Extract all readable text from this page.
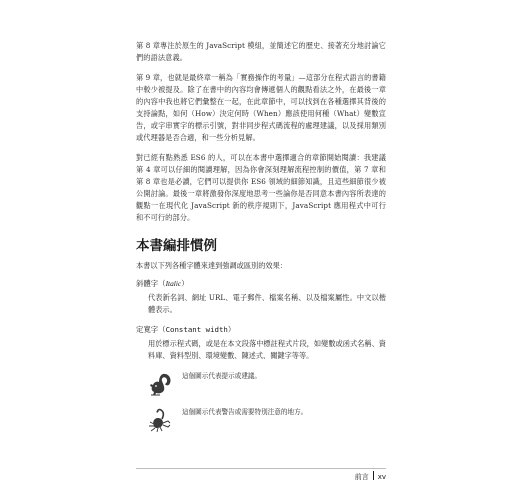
第 8 章專注於原生的 JavaScript 模組，並簡述它的歷史、接著充分地討論它們的語法意義。

第 9 章，也就是最終章一稱為「實務操作的考量」—這部分在程式語言的書籍中較少被提及。除了在書中的內容均會傳遞個人的觀點看法之外，在最後一章的內容中我也將它們彙整在一起，在此章節中，可以找到在各種選擇其背後的支持論點，如何（How）決定何時（When）應該使用何種（What）變數宣告，或字串實字的標示引號，對非同步程式碼流程的處理建議，以及採用類別或代理器是否合適，和一些分析見解。

對已經有點熟悉 ES6 的人，可以在本書中選擇適合的章節開始閱讀：我建議第 4 章可以仔細的閱讀理解，因為你會深刻理解流程控制的價值，第 7 章和第 8 章也是必讀，它們可以提供你 ES6 領域的細節知識，且這些細節很少被公開討論。最後一章將激發你深度地思考一些論你是否同意本書內容所表達的觀點一在現代化 JavaScript 新的秩序規則下，JavaScript 應用程式中可行和不可行的部分。

本書編排慣例

本書以下列各種字體來達到強調或區別的效果：

斜體字（Italic）

代表新名詞、網址 URL、電子郵件、檔案名稱、以及檔案屬性。中文以楷體表示。

定寬字（Constant width）

用於標示程式碼，或是在本文段落中標註程式片段，如變數或函式名稱、資料庫、資料型別、環境變數、陳述式、關鍵字等等。

這個圖示代表提示或建議。
這個圖示代表警告或需要特別注意的地方。
前言 xv
